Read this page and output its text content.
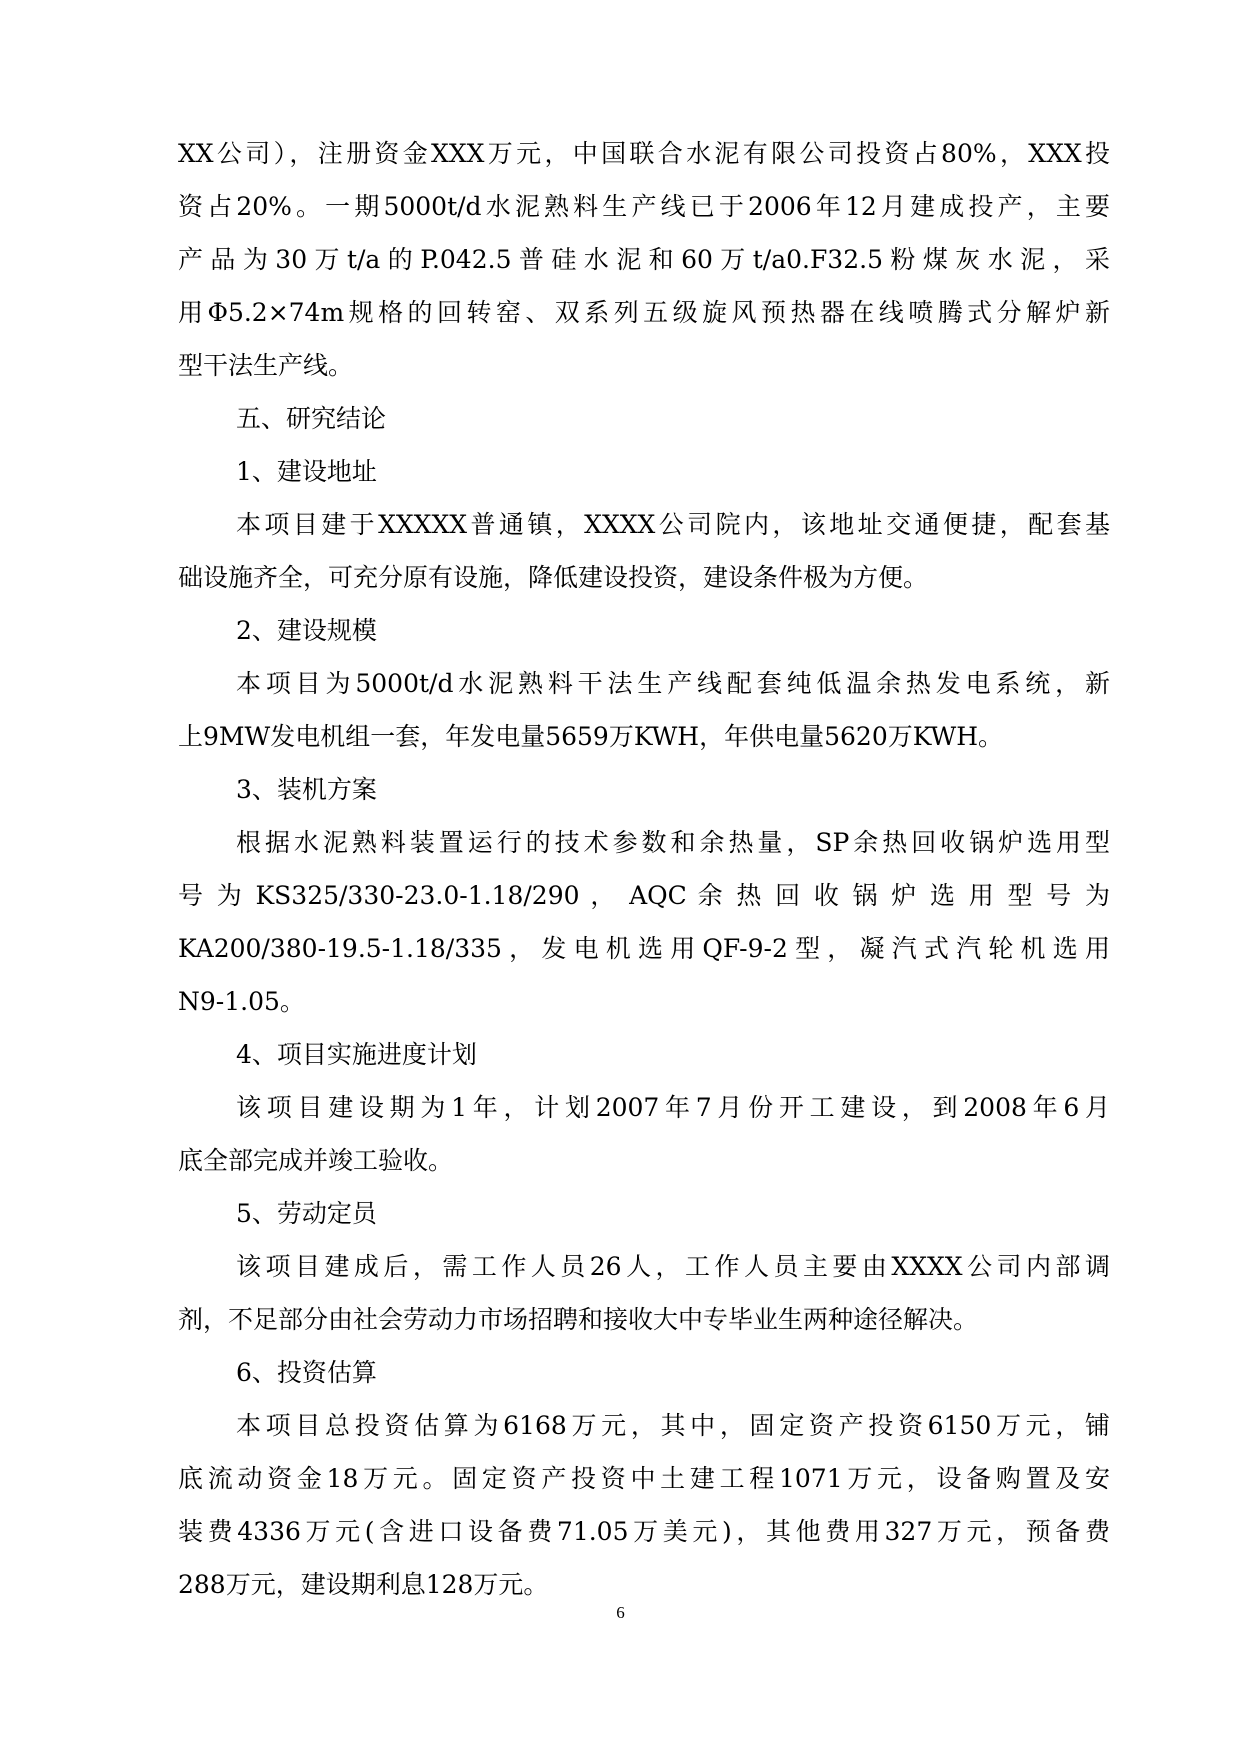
XX公司），注册资金XXX万元，中国联合水泥有限公司投资占80%，XXX投
资占20%。一期5000t/d水泥熟料生产线已于2006年12月建成投产，主要
产品为30万t/a的P.042.5普硅水泥和60万t/a0.F32.5粉煤灰水泥，采
用Φ5.2×74m规格的回转窑、双系列五级旋风预热器在线喷腾式分解炉新
型干法生产线。
五、研究结论
1、建设地址
本项目建于XXXXX普通镇，XXXX公司院内，该地址交通便捷，配套基
础设施齐全，可充分原有设施，降低建设投资，建设条件极为方便。
2、建设规模
本项目为5000t/d水泥熟料干法生产线配套纯低温余热发电系统，新
上9MW发电机组一套，年发电量5659万KWH，年供电量5620万KWH。
3、装机方案
根据水泥熟料装置运行的技术参数和余热量，SP余热回收锅炉选用型
号 为 KS325/330-23.0-1.18/290 ， AQC 余 热 回 收 锅 炉 选 用 型 号 为
KA200/380-19.5-1.18/335，发电机选用QF-9-2型，凝汽式汽轮机选用
N9-1.05。
4、项目实施进度计划
该项目建设期为1年，计划2007年7月份开工建设，到2008年6月
底全部完成并竣工验收。
5、劳动定员
该项目建成后，需工作人员26人，工作人员主要由XXXX公司内部调
剂，不足部分由社会劳动力市场招聘和接收大中专毕业生两种途径解决。
6、投资估算
本项目总投资估算为6168万元，其中，固定资产投资6150万元，铺
底流动资金18万元。固定资产投资中土建工程1071万元，设备购置及安
装费4336万元(含进口设备费71.05万美元)，其他费用327万元，预备费
288万元，建设期利息128万元。
6
